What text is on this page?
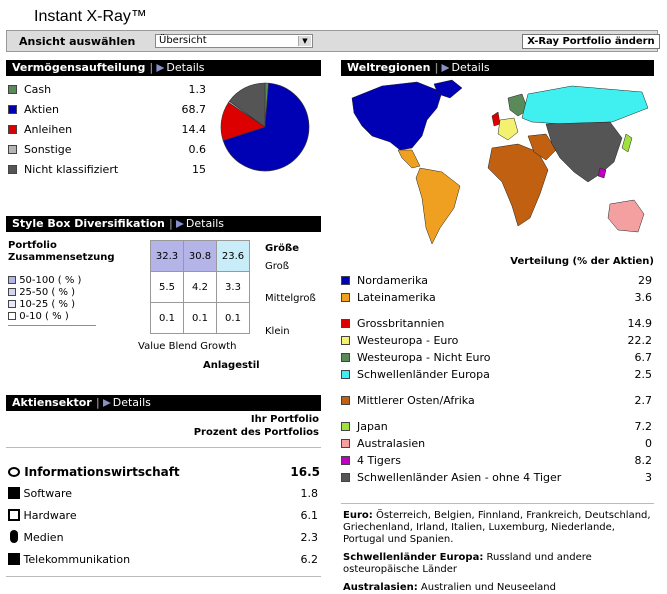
Instant X-Ray™
Ansicht auswählen	Übersicht	▼	X-Ray Portfolio ändern
Vermögensaufteilung | Details
Cash	1.3
Aktien	68.7
Anleihen	14.4
Sonstige	0.6
Nicht klassifiziert	15
Style Box Diversifikation | Details
Portfolio
Zusammensetzung
50-100 ( % )
25-50 ( % )
10-25 ( % )
0-10 ( % )
32.3	30.8	23.6
5.5	4.2	3.3
0.1	0.1	0.1
Größe
Groß
Mittelgroß
Klein
Value Blend Growth
Anlagestil
Aktiensektor | Details
Ihr Portfolio
Prozent des Portfolios
Informationswirtschaft	16.5
Software	1.8
Hardware	6.1
Medien	2.3
Telekommunikation	6.2
Weltregionen | Details
Verteilung (% der Aktien)
Nordamerika	29
Lateinamerika	3.6
Grossbritannien	14.9
Westeuropa - Euro	22.2
Westeuropa - Nicht Euro	6.7
Schwellenländer Europa	2.5
Mittlerer Osten/Afrika	2.7
Japan	7.2
Australasien	0
4 Tigers	8.2
Schwellenländer Asien - ohne 4 Tiger	3
Euro: Österreich, Belgien, Finnland, Frankreich, Deutschland, Griechenland, Irland, Italien, Luxemburg, Niederlande, Portugal und Spanien.
Schwellenländer Europa: Russland und andere osteuropäische Länder
Australasien: Australien und Neuseeland
